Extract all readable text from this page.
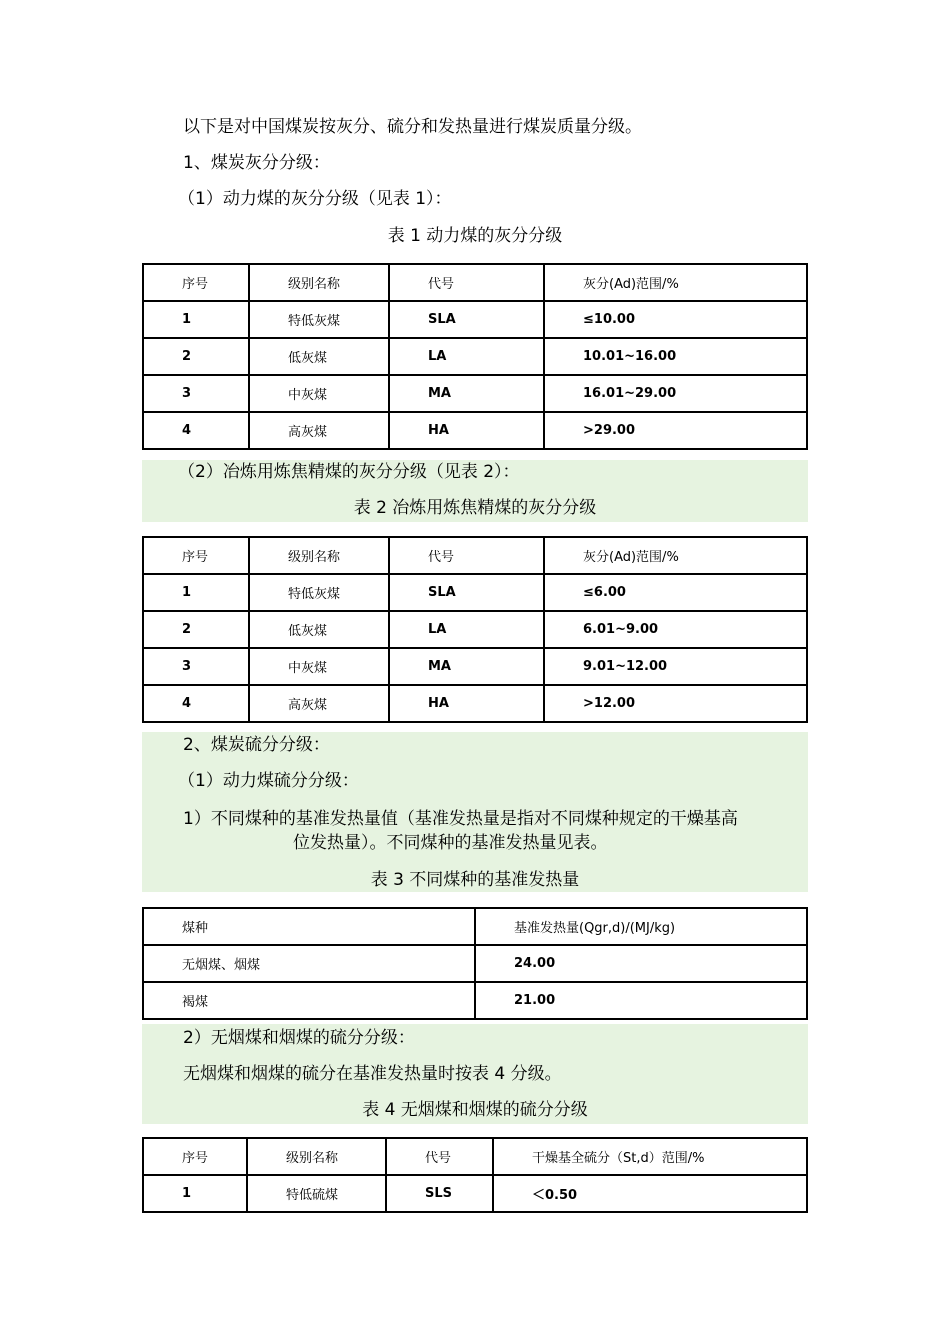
以下是对中国煤炭按灰分、硫分和发热量进行煤炭质量分级。
1、煤炭灰分分级：
（1）动力煤的灰分分级（见表 1）：
表 1 动力煤的灰分分级
序号	级别名称	代号	灰分(Ad)范围/%
1	特低灰煤	SLA	≤10.00
2	低灰煤	LA	10.01~16.00
3	中灰煤	MA	16.01~29.00
4	高灰煤	HA	>29.00
（2）冶炼用炼焦精煤的灰分分级（见表 2）：
表 2 冶炼用炼焦精煤的灰分分级
序号	级别名称	代号	灰分(Ad)范围/%
1	特低灰煤	SLA	≤6.00
2	低灰煤	LA	6.01~9.00
3	中灰煤	MA	9.01~12.00
4	高灰煤	HA	>12.00
2、煤炭硫分分级：
（1）动力煤硫分分级：
1）不同煤种的基准发热量值（基准发热量是指对不同煤种规定的干燥基高
位发热量）。不同煤种的基准发热量见表。
表 3 不同煤种的基准发热量
煤种	基准发热量(Qgr,d)/(MJ/kg)
无烟煤、烟煤	24.00
褐煤	21.00
2）无烟煤和烟煤的硫分分级：
无烟煤和烟煤的硫分在基准发热量时按表 4 分级。
表 4 无烟煤和烟煤的硫分分级
序号	级别名称	代号	干燥基全硫分（St,d）范围/%
1	特低硫煤	SLS	＜0.50
